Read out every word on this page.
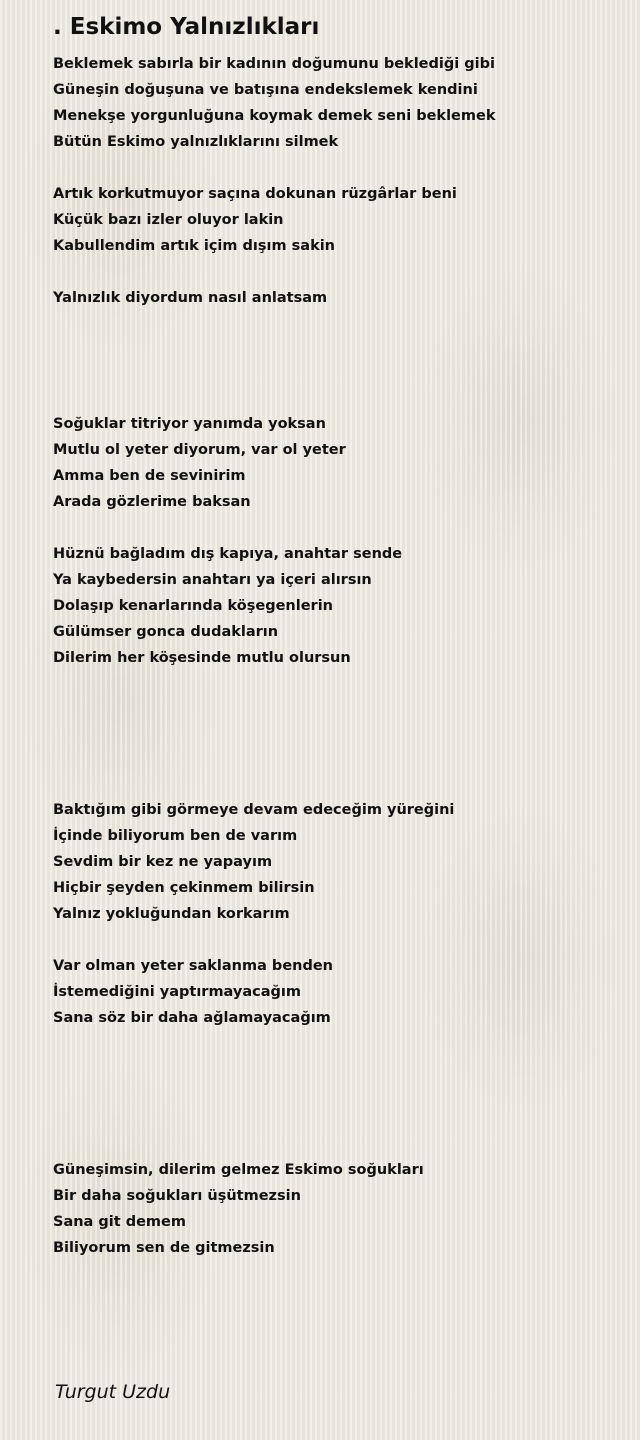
. Eskimo Yalnızlıkları
Beklemek sabırla bir kadının doğumunu beklediği gibi
Güneşin doğuşuna ve batışına endekslemek kendini
Menekşe yorgunluğuna koymak demek seni beklemek
Bütün Eskimo yalnızlıklarını silmek
Artık korkutmuyor saçına dokunan rüzgârlar beni
Küçük bazı izler oluyor lakin
Kabullendim artık içim dışım sakin
Yalnızlık diyordum nasıl anlatsam
Soğuklar titriyor yanımda yoksan
Mutlu ol yeter diyorum, var ol yeter
Amma ben de sevinirim
Arada gözlerime baksan
Hüznü bağladım dış kapıya, anahtar sende
Ya kaybedersin anahtarı ya içeri alırsın
Dolaşıp kenarlarında köşegenlerin
Gülümser gonca dudakların
Dilerim her köşesinde mutlu olursun
Baktığım gibi görmeye devam edeceğim yüreğini
İçinde biliyorum ben de varım
Sevdim bir kez ne yapayım
Hiçbir şeyden çekinmem bilirsin
Yalnız yokluğundan korkarım
Var olman yeter saklanma benden
İstemediğini yaptırmayacağım
Sana söz bir daha ağlamayacağım
Güneşimsin, dilerim gelmez Eskimo soğukları
Bir daha soğukları üşütmezsin
Sana git demem
Biliyorum sen de gitmezsin
Turgut Uzdu
